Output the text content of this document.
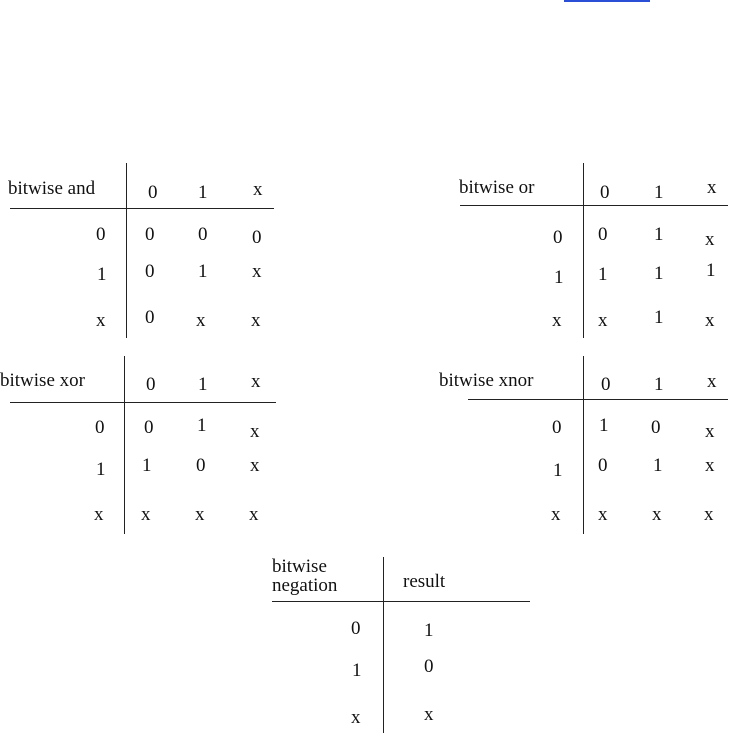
bitwise and	0 1 x
0 0 0 0
1 0 1 x
x 0 x x
bitwise or	0 1 x
0 0 1 x
1 1 1 1
x x 1 x
bitwise xor	0 1 x
0 0 1 x
1 1 0 x
x x x x
bitwise xnor	0 1 x
0 1 0 x
1 0 1 x
x x x x
bitwise
negation	result
0	1
1	0
x	x
